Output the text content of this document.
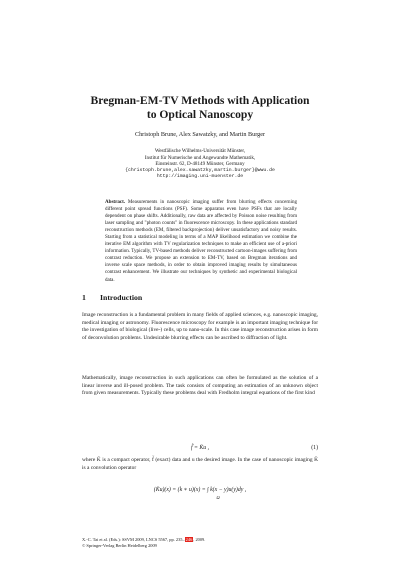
Bregman-EM-TV Methods with Application
to Optical Nanoscopy
Christoph Brune, Alex Sawatzky, and Martin Burger
Westfälische Wilhelms-Universität Münster,
Institut für Numerische und Angewandte Mathematik,
Einsteinstr. 62, D-48149 Münster, Germany
{christoph.brune,alex.sawatzky,martin.burger}@wwu.de
http://imaging.uni-muenster.de
Abstract. Measurements in nanoscopic imaging suffer from blurring effects concerning different point spread functions (PSF). Some apparatus even have PSFs that are locally dependent on phase shifts. Additionally, raw data are affected by Poisson noise resulting from laser sampling and "photon counts" in fluorescence microscopy. In these applications standard reconstruction methods (EM, filtered backprojection) deliver unsatisfactory and noisy results. Starting from a statistical modeling in terms of a MAP likelihood estimation we combine the iterative EM algorithm with TV regularization techniques to make an efficient use of a-priori information. Typically, TV-based methods deliver reconstructed cartoon-images suffering from contrast reduction. We propose an extension to EM-TV, based on Bregman iterations and inverse scale space methods, in order to obtain improved imaging results by simultaneous contrast enhancement. We illustrate our techniques by synthetic and experimental biological data.
1 Introduction
Image reconstruction is a fundamental problem in many fields of applied sciences, e.g. nanoscopic imaging, medical imaging or astronomy. Fluorescence microscopy for example is an important imaging technique for the investigation of biological (live-) cells, up to nano-scale. In this case image reconstruction arises in form of deconvolution problems. Undesirable blurring effects can be ascribed to diffraction of light.
Mathematically, image reconstruction in such applications can often be formulated as the solution of a linear inverse and ill-posed problem. The task consists of computing an estimation of an unknown object from given measurements. Typically these problems deal with Fredholm integral equations of the first kind
f̃ = K̄u ,	(1)
where K̄ is a compact operator, f̃ (exact) data and u the desired image. In the case of nanoscopic imaging K̄ is a convolution operator
(K̄u)(x) = (k ∗ u)(x) = ∫ k(x − y)u(y)dy ,
Ω
X.-C. Tai et al. (Eds.): SSVM 2009, LNCS 5567, pp. 235–246, 2009.
© Springer-Verlag Berlin Heidelberg 2009
